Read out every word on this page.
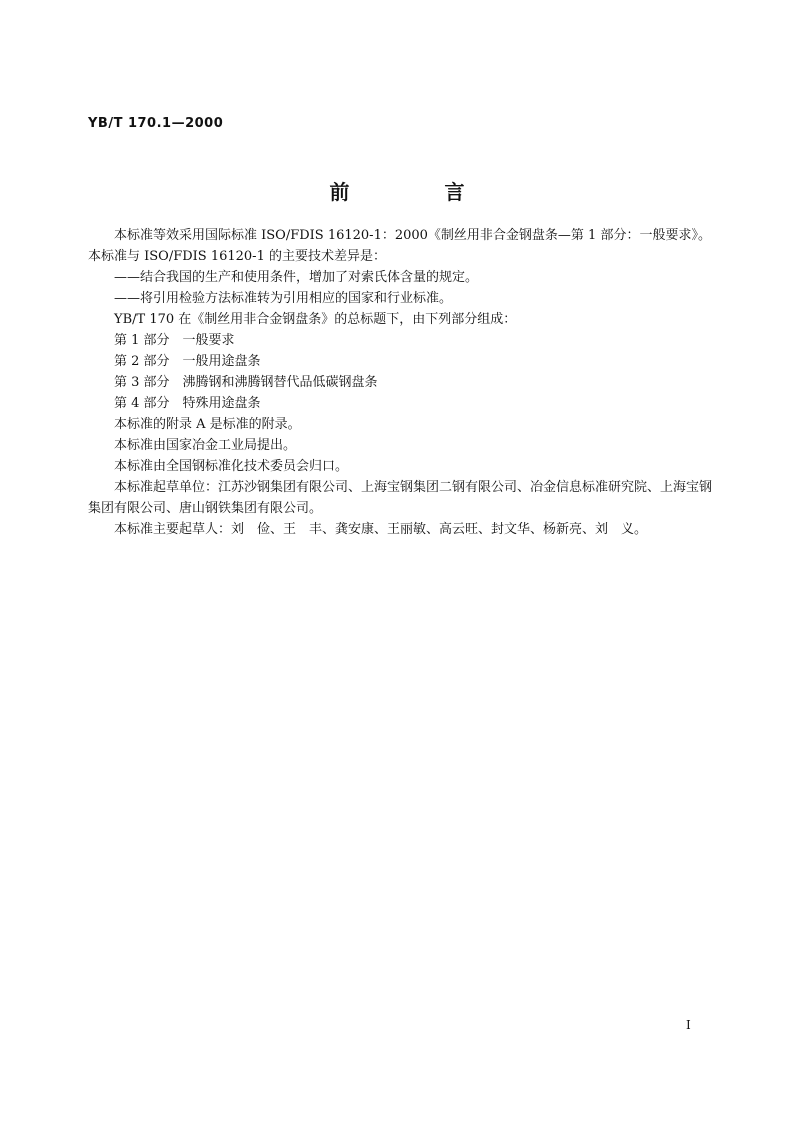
YB/T 170.1—2000
前 言

本标准等效采用国际标准 ISO/FDIS 16120-1：2000《制丝用非合金钢盘条—第 1 部分：一般要求》。本标准与 ISO/FDIS 16120-1 的主要技术差异是：

——结合我国的生产和使用条件，增加了对索氏体含量的规定。

——将引用检验方法标准转为引用相应的国家和行业标准。

YB/T 170 在《制丝用非合金钢盘条》的总标题下，由下列部分组成：

第 1 部分　一般要求

第 2 部分　一般用途盘条

第 3 部分　沸腾钢和沸腾钢替代品低碳钢盘条

第 4 部分　特殊用途盘条

本标准的附录 A 是标准的附录。

本标准由国家冶金工业局提出。

本标准由全国钢标准化技术委员会归口。

本标准起草单位：江苏沙钢集团有限公司、上海宝钢集团二钢有限公司、冶金信息标准研究院、上海宝钢集团有限公司、唐山钢铁集团有限公司。

本标准主要起草人：刘　俭、王　丰、龚安康、王丽敏、高云旺、封文华、杨新亮、刘　义。

I
